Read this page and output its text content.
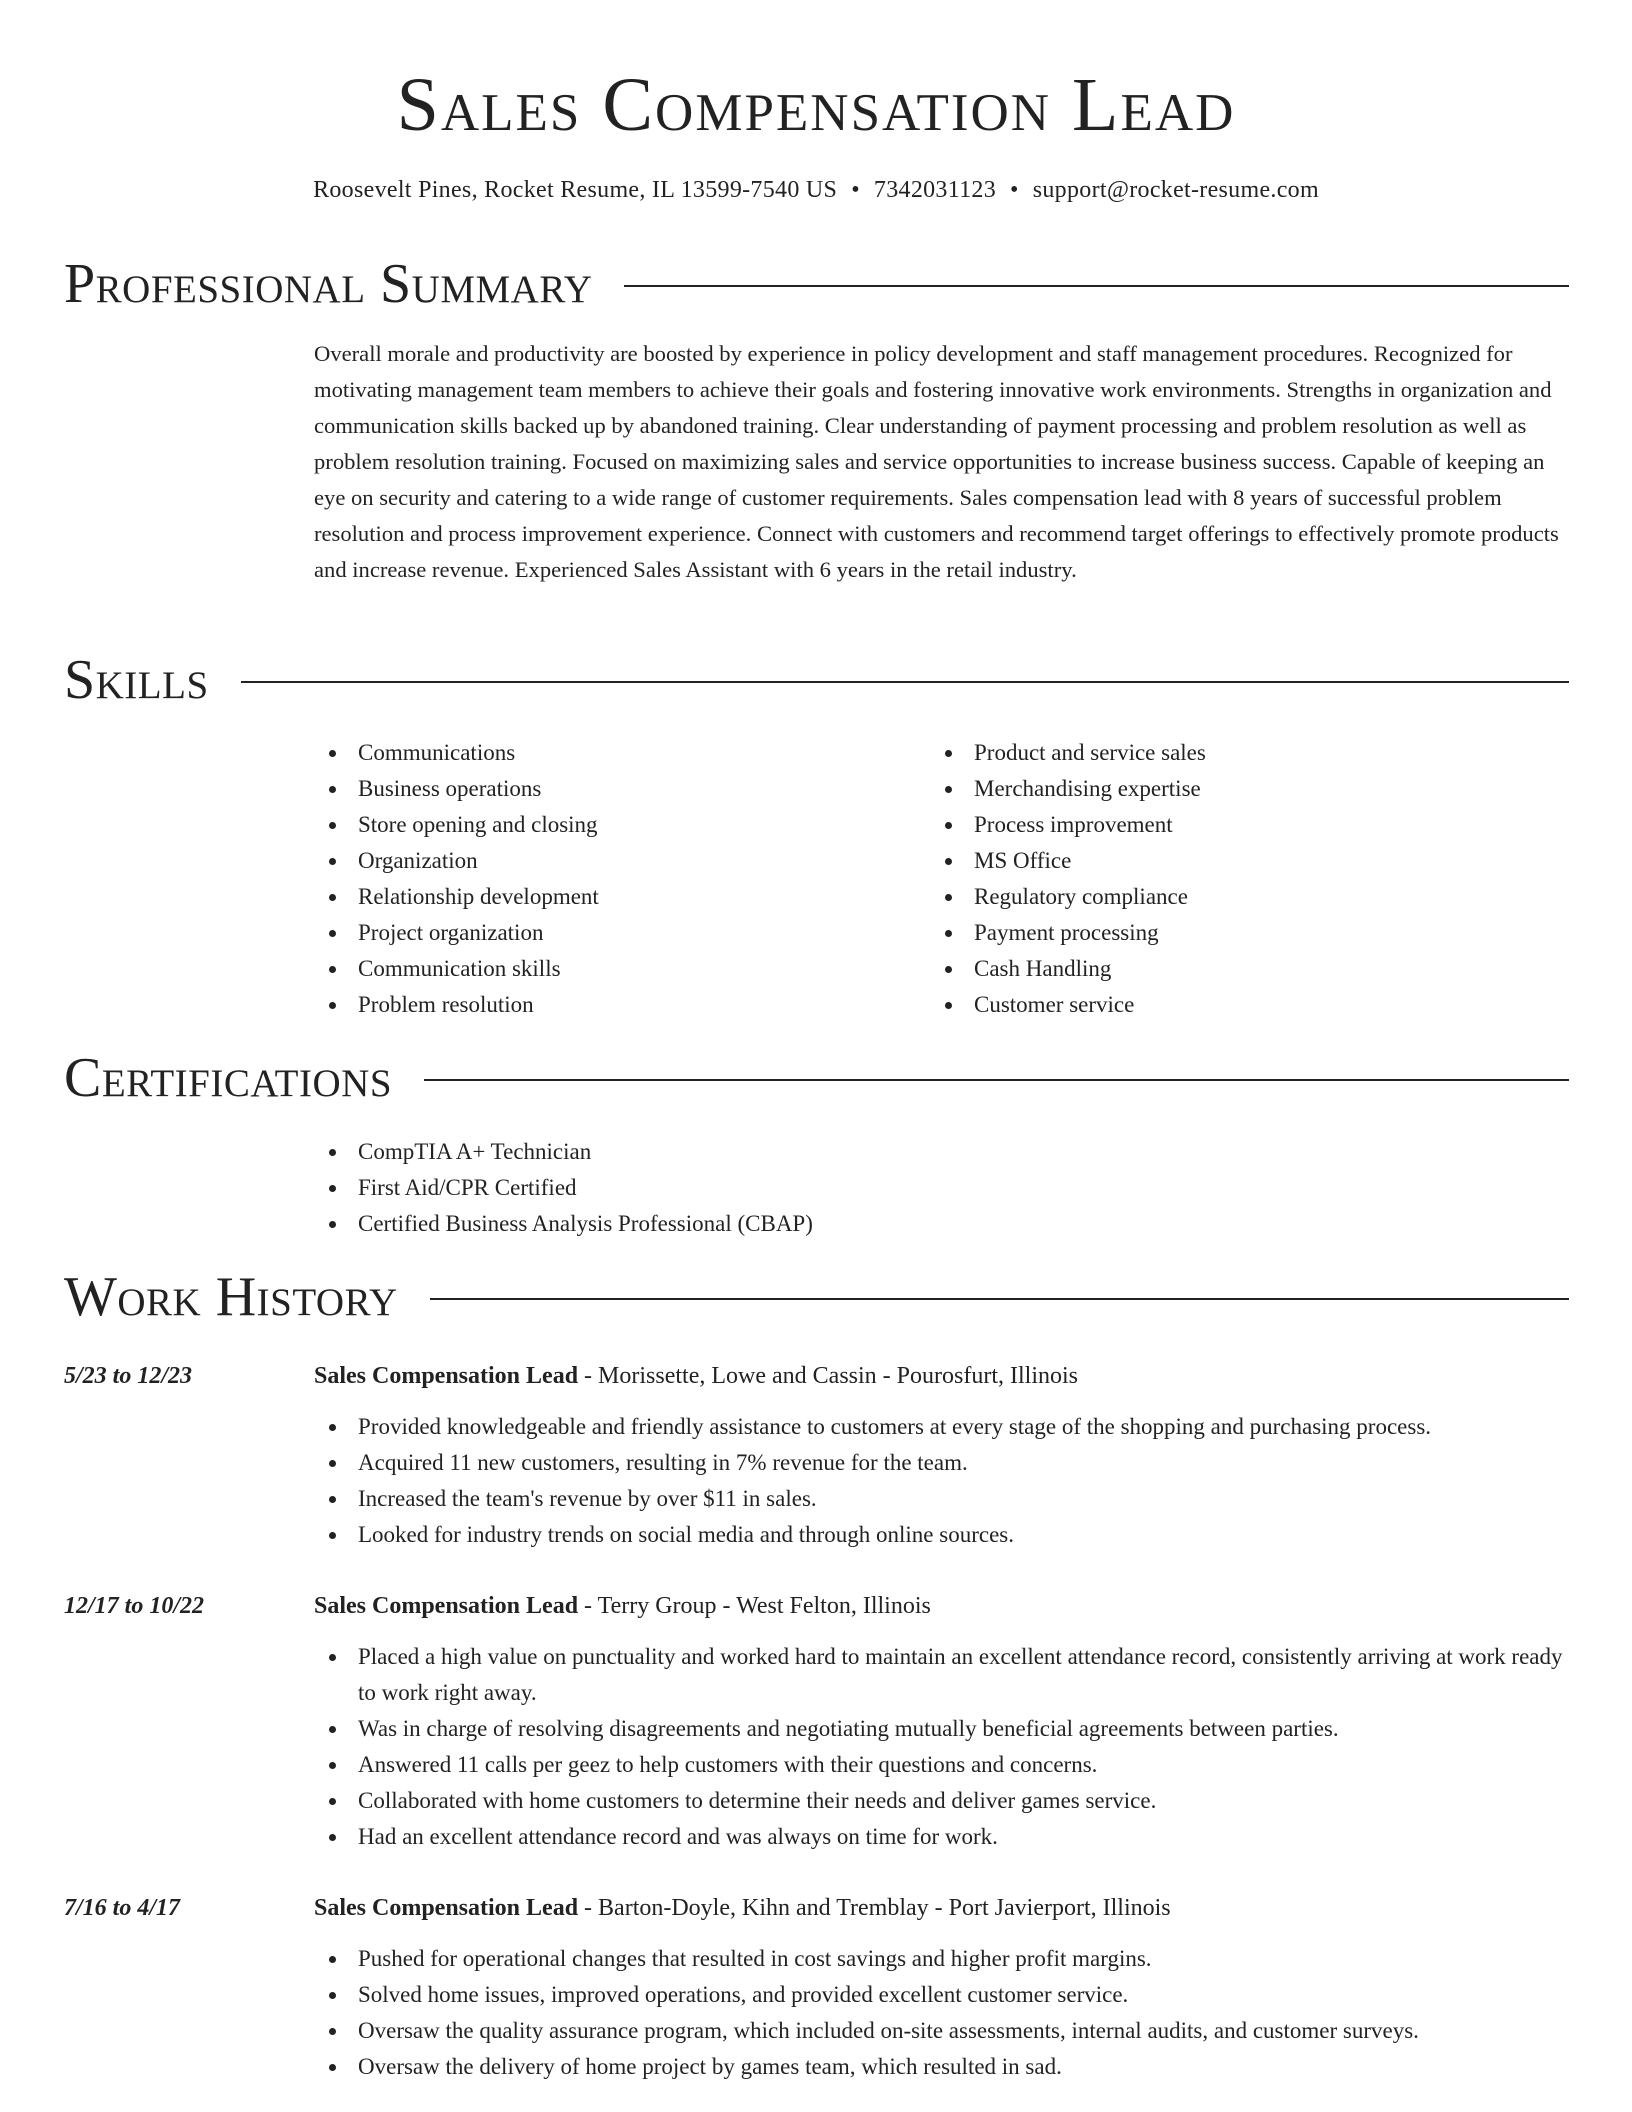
Sales Compensation Lead
Roosevelt Pines, Rocket Resume, IL 13599-7540 US • 7342031123 • support@rocket-resume.com
Professional Summary

Overall morale and productivity are boosted by experience in policy development and staff management procedures. Recognized for motivating management team members to achieve their goals and fostering innovative work environments. Strengths in organization and communication skills backed up by abandoned training. Clear understanding of payment processing and problem resolution as well as problem resolution training. Focused on maximizing sales and service opportunities to increase business success. Capable of keeping an eye on security and catering to a wide range of customer requirements. Sales compensation lead with 8 years of successful problem resolution and process improvement experience. Connect with customers and recommend target offerings to effectively promote products and increase revenue. Experienced Sales Assistant with 6 years in the retail industry.

Skills
Communications
Business operations
Store opening and closing
Organization
Relationship development
Project organization
Communication skills
Problem resolution
Product and service sales
Merchandising expertise
Process improvement
MS Office
Regulatory compliance
Payment processing
Cash Handling
Customer service
Certifications
CompTIA A+ Technician
First Aid/CPR Certified
Certified Business Analysis Professional (CBAP)
Work History
5/23 to 12/23	Sales Compensation Lead - Morissette, Lowe and Cassin - Pourosfurt, Illinois
Provided knowledgeable and friendly assistance to customers at every stage of the shopping and purchasing process.
Acquired 11 new customers, resulting in 7% revenue for the team.
Increased the team's revenue by over $11 in sales.
Looked for industry trends on social media and through online sources.
12/17 to 10/22	Sales Compensation Lead - Terry Group - West Felton, Illinois
Placed a high value on punctuality and worked hard to maintain an excellent attendance record, consistently arriving at work ready to work right away.
Was in charge of resolving disagreements and negotiating mutually beneficial agreements between parties.
Answered 11 calls per geez to help customers with their questions and concerns.
Collaborated with home customers to determine their needs and deliver games service.
Had an excellent attendance record and was always on time for work.
7/16 to 4/17	Sales Compensation Lead - Barton-Doyle, Kihn and Tremblay - Port Javierport, Illinois
Pushed for operational changes that resulted in cost savings and higher profit margins.
Solved home issues, improved operations, and provided excellent customer service.
Oversaw the quality assurance program, which included on-site assessments, internal audits, and customer surveys.
Oversaw the delivery of home project by games team, which resulted in sad.
